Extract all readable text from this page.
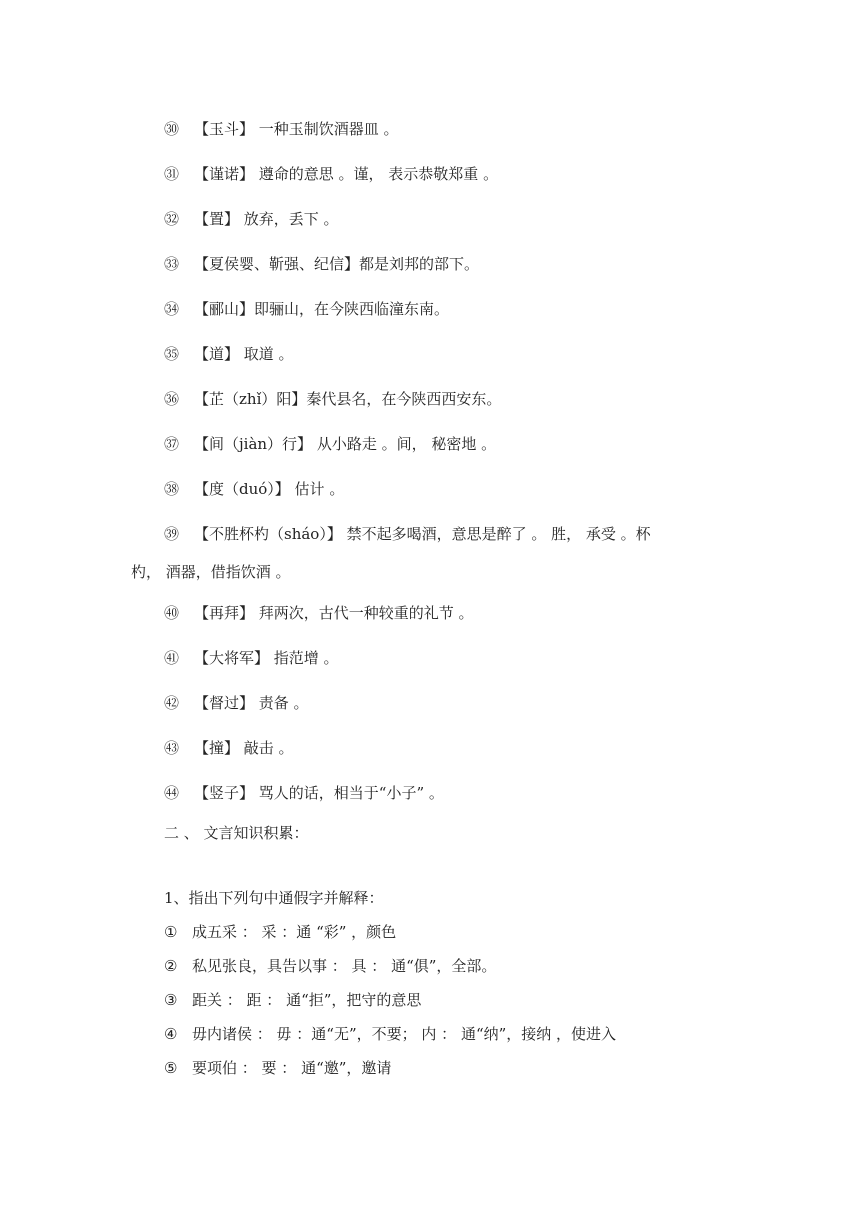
㉚ 【玉斗】 一种玉制饮酒器皿 。
㉛ 【谨诺】 遵命的意思 。谨， 表示恭敬郑重 。
㉜ 【置】 放弃，丢下 。
㉝ 【夏侯婴、靳强、纪信】都是刘邦的部下。
㉞ 【郦山】即骊山，在今陕西临潼东南。
㉟ 【道】 取道 。
㊱ 【芷（zhǐ）阳】秦代县名，在今陕西西安东。
㊲ 【间（jiàn）行】 从小路走 。间， 秘密地 。
㊳ 【度（duó）】 估计 。
㊴ 【不胜杯杓（sháo）】 禁不起多喝酒，意思是醉了 。 胜， 承受 。杯
杓， 酒器，借指饮酒 。
㊵ 【再拜】 拜两次，古代一种较重的礼节 。
㊶ 【大将军】 指范增 。
㊷ 【督过】 责备 。
㊸ 【撞】 敲击 。
㊹ 【竖子】 骂人的话，相当于“小子” 。
二 、 文言知识积累：
1、指出下列句中通假字并解释：
① 成五采 ： 采 ：通 “彩” ，颜色
② 私见张良，具告以事 ： 具 ： 通“俱”，全部。
③ 距关 ： 距 ： 通“拒”，把守的意思
④ 毋内诸侯 ： 毋 ：通“无”，不要； 内 ： 通“纳”，接纳 ，使进入
⑤ 要项伯 ： 要 ： 通“邀”，邀请
